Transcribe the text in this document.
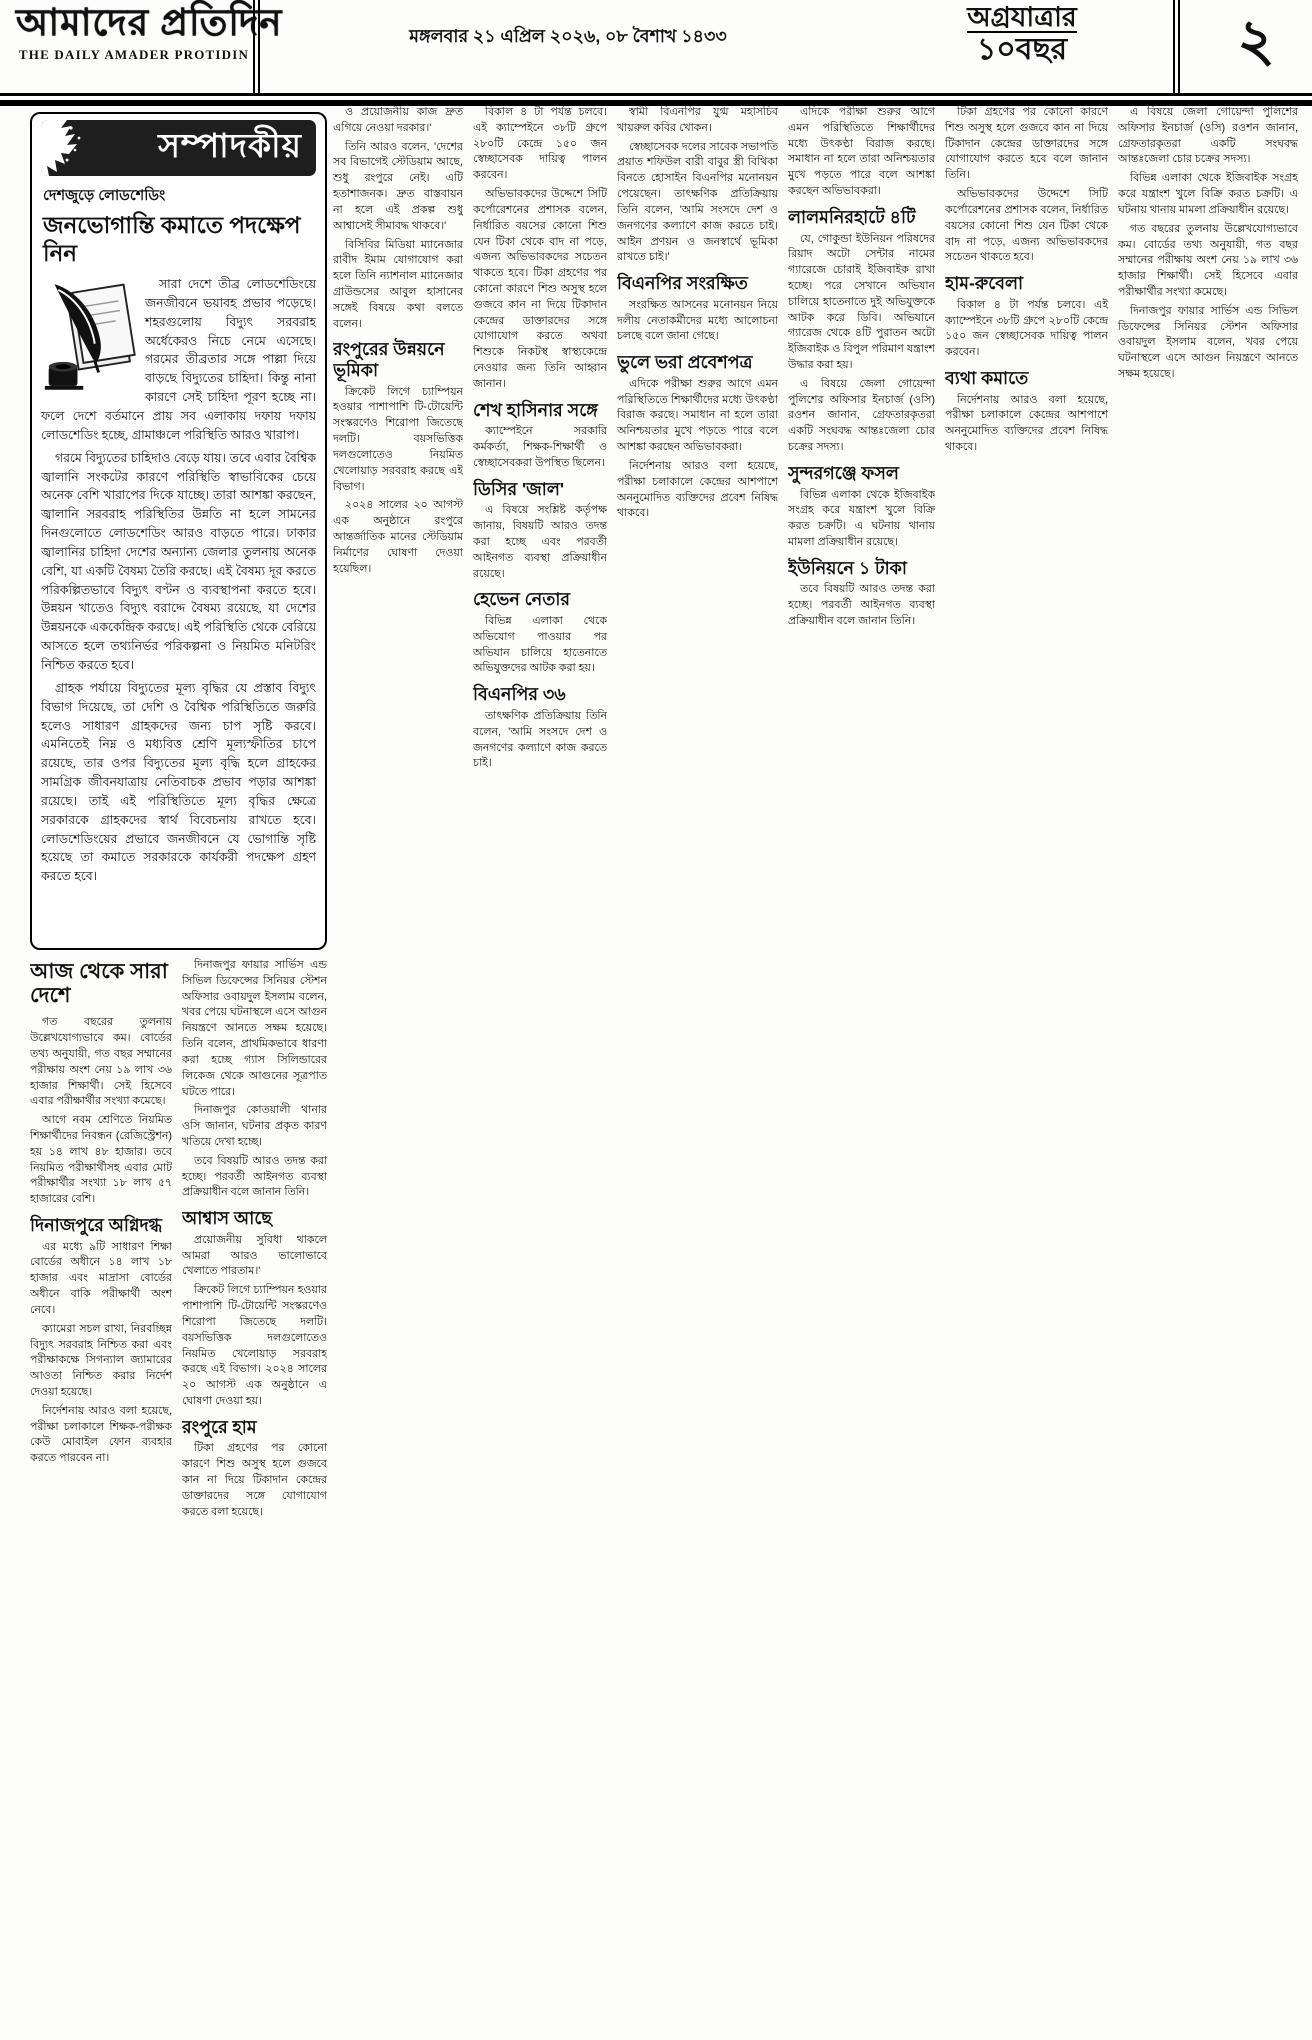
আমাদের প্রতিদিন
THE DAILY AMADER PROTIDIN
মঙ্গলবার ২১ এপ্রিল ২০২৬, ০৮ বৈশাখ ১৪৩৩
অগ্রযাত্রার
১০বছর	২
সম্পাদকীয়
দেশজুড়ে লোডশেডিং
জনভোগান্তি কমাতে পদক্ষেপ নিন
সারা দেশে তীব্র লোডশেডিংয়ে জনজীবনে ভয়াবহ প্রভাব পড়েছে। শহরগুলোয় বিদ্যুৎ সরবরাহ অর্ধেকেরও নিচে নেমে এসেছে। গরমের তীব্রতার সঙ্গে পাল্লা দিয়ে বাড়ছে বিদ্যুতের চাহিদা। কিন্তু নানা কারণে সেই চাহিদা পূরণ হচ্ছে না। ফলে দেশে বর্তমানে প্রায় সব এলাকায় দফায় দফায় লোডশেডিং হচ্ছে, গ্রামাঞ্চলে পরিস্থিতি আরও খারাপ।
গরমে বিদ্যুতের চাহিদাও বেড়ে যায়। তবে এবার বৈশ্বিক জ্বালানি সংকটের কারণে পরিস্থিতি স্বাভাবিকের চেয়ে অনেক বেশি খারাপের দিকে যাচ্ছে। তারা আশঙ্কা করছেন, জ্বালানি সরবরাহ পরিস্থিতির উন্নতি না হলে সামনের দিনগুলোতে লোডশেডিং আরও বাড়তে পারে। ঢাকার জ্বালানির চাহিদা দেশের অন্যান্য জেলার তুলনায় অনেক বেশি, যা একটি বৈষম্য তৈরি করছে। এই বৈষম্য দূর করতে পরিকল্পিতভাবে বিদ্যুৎ বণ্টন ও ব্যবস্থাপনা করতে হবে। উন্নয়ন খাতেও বিদ্যুৎ বরাদ্দে বৈষম্য রয়েছে, যা দেশের উন্নয়নকে এককেন্দ্রিক করছে। এই পরিস্থিতি থেকে বেরিয়ে আসতে হলে তথ্যনির্ভর পরিকল্পনা ও নিয়মিত মনিটরিং নিশ্চিত করতে হবে।
গ্রাহক পর্যায়ে বিদ্যুতের মূল্য বৃদ্ধির যে প্রস্তাব বিদ্যুৎ বিভাগ দিয়েছে, তা দেশি ও বৈশ্বিক পরিস্থিতিতে জরুরি হলেও সাধারণ গ্রাহকদের জন্য চাপ সৃষ্টি করবে। এমনিতেই নিম্ন ও মধ্যবিত্ত শ্রেণি মূল্যস্ফীতির চাপে রয়েছে, তার ওপর বিদ্যুতের মূল্য বৃদ্ধি হলে গ্রাহকের সামগ্রিক জীবনযাত্রায় নেতিবাচক প্রভাব পড়ার আশঙ্কা রয়েছে। তাই এই পরিস্থিতিতে মূল্য বৃদ্ধির ক্ষেত্রে সরকারকে গ্রাহকদের স্বার্থ বিবেচনায় রাখতে হবে। লোডশেডিংয়ের প্রভাবে জনজীবনে যে ভোগান্তি সৃষ্টি হয়েছে তা কমাতে সরকারকে কার্যকরী পদক্ষেপ গ্রহণ করতে হবে।
আজ থেকে সারা দেশে
গত বছরের তুলনায় উল্লেখযোগ্যভাবে কম। বোর্ডের তথ্য অনুযায়ী, গত বছর সম্মানের পরীক্ষায় অংশ নেয় ১৯ লাখ ৩৬ হাজার শিক্ষার্থী। সেই হিসেবে এবার পরীক্ষার্থীর সংখ্যা কমেছে।
আগে নবম শ্রেণিতে নিয়মিত শিক্ষার্থীদের নিবন্ধন (রেজিস্ট্রেশন) হয় ১৪ লাখ ৪৮ হাজার। তবে নিয়মিত পরীক্ষার্থীসহ এবার মোট পরীক্ষার্থীর সংখ্যা ১৮ লাখ ৫৭ হাজারের বেশি।
দিনাজপুরে অগ্নিদগ্ধ
এর মধ্যে ৯টি সাধারণ শিক্ষা বোর্ডের অধীনে ১৪ লাখ ১৮ হাজার এবং মাদ্রাসা বোর্ডের অধীনে বাকি পরীক্ষার্থী অংশ নেবে।
ক্যামেরা সচল রাখা, নিরবচ্ছিন্ন বিদ্যুৎ সরবরাহ নিশ্চিত করা এবং পরীক্ষাকক্ষে সিগন্যাল জ্যামারের আওতা নিশ্চিত করার নির্দেশ দেওয়া হয়েছে।
নির্দেশনায় আরও বলা হয়েছে, পরীক্ষা চলাকালে শিক্ষক-পরীক্ষক কেউ মোবাইল ফোন ব্যবহার করতে পারবেন না।
দিনাজপুর ফায়ার সার্ভিস এন্ড সিভিল ডিফেন্সের সিনিয়র স্টেশন অফিসার ওবায়দুল ইসলাম বলেন, খবর পেয়ে ঘটনাস্থলে এসে আগুন নিয়ন্ত্রণে আনতে সক্ষম হয়েছে। তিনি বলেন, প্রাথমিকভাবে ধারণা করা হচ্ছে গ্যাস সিলিন্ডারের লিকেজ থেকে আগুনের সূত্রপাত ঘটতে পারে।
দিনাজপুর কোতয়ালী থানার ওসি জানান, ঘটনার প্রকৃত কারণ খতিয়ে দেখা হচ্ছে।
তবে বিষয়টি আরও তদন্ত করা হচ্ছে। পরবর্তী আইনগত ব্যবস্থা প্রক্রিয়াধীন বলে জানান তিনি।
আশ্বাস আছে
প্রয়োজনীয় সুবিধা থাকলে আমরা আরও ভালোভাবে খেলাতে পারতাম।'
ক্রিকেট লিগে চ্যাম্পিয়ন হওয়ার পাশাপাশি টি-টোয়েন্টি সংস্করণেও শিরোপা জিতেছে দলটি। বয়সভিত্তিক দলগুলোতেও নিয়মিত খেলোয়াড় সরবরাহ করছে এই বিভাগ। ২০২৪ সালের ২০ আগস্ট এক অনুষ্ঠানে এ ঘোষণা দেওয়া হয়।
রংপুরে হাম
টিকা গ্রহণের পর কোনো কারণে শিশু অসুস্থ হলে গুজবে কান না দিয়ে টিকাদান কেন্দ্রের ডাক্তারদের সঙ্গে যোগাযোগ করতে বলা হয়েছে।
ও প্রয়োজনীয় কাজ দ্রুত এগিয়ে নেওয়া দরকার।'
তিনি আরও বলেন, 'দেশের সব বিভাগেই স্টেডিয়াম আছে, শুধু রংপুরে নেই। এটি হতাশাজনক। দ্রুত বাস্তবায়ন না হলে এই প্রকল্প শুধু আশ্বাসেই সীমাবদ্ধ থাকবে।'
বিসিবির মিডিয়া ম্যানেজার রাবীদ ইমাম যোগাযোগ করা হলে তিনি ন্যাশনাল ম্যানেজার গ্রাউন্ডসের আবুল হাসানের সঙ্গেই বিষয়ে কথা বলতে বলেন।
রংপুরের উন্নয়নে ভূমিকা
ক্রিকেট লিগে চ্যাম্পিয়ন হওয়ার পাশাপাশি টি-টোয়েন্টি সংস্করণেও শিরোপা জিতেছে দলটি। বয়সভিত্তিক দলগুলোতেও নিয়মিত খেলোয়াড় সরবরাহ করছে এই বিভাগ।
২০২৪ সালের ২০ আগস্ট এক অনুষ্ঠানে রংপুরে আন্তর্জাতিক মানের স্টেডিয়াম নির্মাণের ঘোষণা দেওয়া হয়েছিল।
বিকাল ৪ টা পর্যন্ত চলবে। এই ক্যাম্পেইনে ৩৮টি গ্রুপে ২৮০টি কেন্দ্রে ১৫০ জন স্বেচ্ছাসেবক দায়িত্ব পালন করবেন।
অভিভাবকদের উদ্দেশে সিটি কর্পোরেশনের প্রশাসক বলেন, নির্ধারিত বয়সের কোনো শিশু যেন টিকা থেকে বাদ না পড়ে, এজন্য অভিভাবকদের সচেতন থাকতে হবে। টিকা গ্রহণের পর কোনো কারণে শিশু অসুস্থ হলে গুজবে কান না দিয়ে টিকাদান কেন্দ্রের ডাক্তারদের সঙ্গে যোগাযোগ করতে অথবা শিশুকে নিকটস্থ স্বাস্থ্যকেন্দ্রে নেওয়ার জন্য তিনি আহ্বান জানান।
শেখ হাসিনার সঙ্গে
ক্যাম্পেইনে সরকারি কর্মকর্তা, শিক্ষক-শিক্ষার্থী ও স্বেচ্ছাসেবকরা উপস্থিত ছিলেন।
ডিসির 'জাল'
এ বিষয়ে সংশ্লিষ্ট কর্তৃপক্ষ জানায়, বিষয়টি আরও তদন্ত করা হচ্ছে এবং পরবর্তী আইনগত ব্যবস্থা প্রক্রিয়াধীন রয়েছে।
হেভেন নেতার
বিভিন্ন এলাকা থেকে অভিযোগ পাওয়ার পর অভিযান চালিয়ে হাতেনাতে অভিযুক্তদের আটক করা হয়।
বিএনপির ৩৬
তাৎক্ষণিক প্রতিক্রিয়ায় তিনি বলেন, 'আমি সংসদে দেশ ও জনগণের কল্যাণে কাজ করতে চাই।
স্বামী বিএনপির যুগ্ম মহাসচিব খায়রুল কবির খোকন।
স্বেচ্ছাসেবক দলের সাবেক সভাপতি প্রয়াত শফিউল বারী বাবুর স্ত্রী বিথিকা বিনতে হোসাইন বিএনপির মনোনয়ন পেয়েছেন। তাৎক্ষণিক প্রতিক্রিয়ায় তিনি বলেন, 'আমি সংসদে দেশ ও জনগণের কল্যাণে কাজ করতে চাই। আইন প্রণয়ন ও জনস্বার্থে ভূমিকা রাখতে চাই।'
বিএনপির সংরক্ষিত
সংরক্ষিত আসনের মনোনয়ন নিয়ে দলীয় নেতাকর্মীদের মধ্যে আলোচনা চলছে বলে জানা গেছে।
ভুলে ভরা প্রবেশপত্র
এদিকে পরীক্ষা শুরুর আগে এমন পরিস্থিতিতে শিক্ষার্থীদের মধ্যে উৎকণ্ঠা বিরাজ করছে। সমাধান না হলে তারা অনিশ্চয়তার মুখে পড়তে পারে বলে আশঙ্কা করছেন অভিভাবকরা।
নির্দেশনায় আরও বলা হয়েছে, পরীক্ষা চলাকালে কেন্দ্রের আশপাশে অননুমোদিত ব্যক্তিদের প্রবেশ নিষিদ্ধ থাকবে।
এদিকে পরীক্ষা শুরুর আগে এমন পরিস্থিতিতে শিক্ষার্থীদের মধ্যে উৎকণ্ঠা বিরাজ করছে। সমাধান না হলে তারা অনিশ্চয়তার মুখে পড়তে পারে বলে আশঙ্কা করছেন অভিভাবকরা।
লালমনিরহাটে ৪টি
যে, গোকুন্ডা ইউনিয়ন পরিষদের রিয়াদ অটো সেন্টার নামের গ্যারেজে চোরাই ইজিবাইক রাখা হচ্ছে। পরে সেখানে অভিযান চালিয়ে হাতেনাতে দুই অভিযুক্তকে আটক করে ডিবি। অভিযানে গ্যারেজ থেকে ৪টি পুরাতন অটো ইজিবাইক ও বিপুল পরিমাণ যন্ত্রাংশ উদ্ধার করা হয়।
এ বিষয়ে জেলা গোয়েন্দা পুলিশের অফিসার ইনচার্জ (ওসি) রওশন জানান, গ্রেফতারকৃতরা একটি সংঘবদ্ধ আন্তঃজেলা চোর চক্রের সদস্য।
সুন্দরগঞ্জে ফসল
বিভিন্ন এলাকা থেকে ইজিবাইক সংগ্রহ করে যন্ত্রাংশ খুলে বিক্রি করত চক্রটি। এ ঘটনায় থানায় মামলা প্রক্রিয়াধীন রয়েছে।
ইউনিয়নে ১ টাকা
তবে বিষয়টি আরও তদন্ত করা হচ্ছে। পরবর্তী আইনগত ব্যবস্থা প্রক্রিয়াধীন বলে জানান তিনি।
টিকা গ্রহণের পর কোনো কারণে শিশু অসুস্থ হলে গুজবে কান না দিয়ে টিকাদান কেন্দ্রের ডাক্তারদের সঙ্গে যোগাযোগ করতে হবে বলে জানান তিনি।
অভিভাবকদের উদ্দেশে সিটি কর্পোরেশনের প্রশাসক বলেন, নির্ধারিত বয়সের কোনো শিশু যেন টিকা থেকে বাদ না পড়ে, এজন্য অভিভাবকদের সচেতন থাকতে হবে।
হাম-রুবেলা
বিকাল ৪ টা পর্যন্ত চলবে। এই ক্যাম্পেইনে ৩৮টি গ্রুপে ২৮০টি কেন্দ্রে ১৫০ জন স্বেচ্ছাসেবক দায়িত্ব পালন করবেন।
ব্যথা কমাতে
নির্দেশনায় আরও বলা হয়েছে, পরীক্ষা চলাকালে কেন্দ্রের আশপাশে অননুমোদিত ব্যক্তিদের প্রবেশ নিষিদ্ধ থাকবে।
এ বিষয়ে জেলা গোয়েন্দা পুলিশের অফিসার ইনচার্জ (ওসি) রওশন জানান, গ্রেফতারকৃতরা একটি সংঘবদ্ধ আন্তঃজেলা চোর চক্রের সদস্য।
বিভিন্ন এলাকা থেকে ইজিবাইক সংগ্রহ করে যন্ত্রাংশ খুলে বিক্রি করত চক্রটি। এ ঘটনায় থানায় মামলা প্রক্রিয়াধীন রয়েছে।
গত বছরের তুলনায় উল্লেখযোগ্যভাবে কম। বোর্ডের তথ্য অনুযায়ী, গত বছর সম্মানের পরীক্ষায় অংশ নেয় ১৯ লাখ ৩৬ হাজার শিক্ষার্থী। সেই হিসেবে এবার পরীক্ষার্থীর সংখ্যা কমেছে।
দিনাজপুর ফায়ার সার্ভিস এন্ড সিভিল ডিফেন্সের সিনিয়র স্টেশন অফিসার ওবায়দুল ইসলাম বলেন, খবর পেয়ে ঘটনাস্থলে এসে আগুন নিয়ন্ত্রণে আনতে সক্ষম হয়েছে।
